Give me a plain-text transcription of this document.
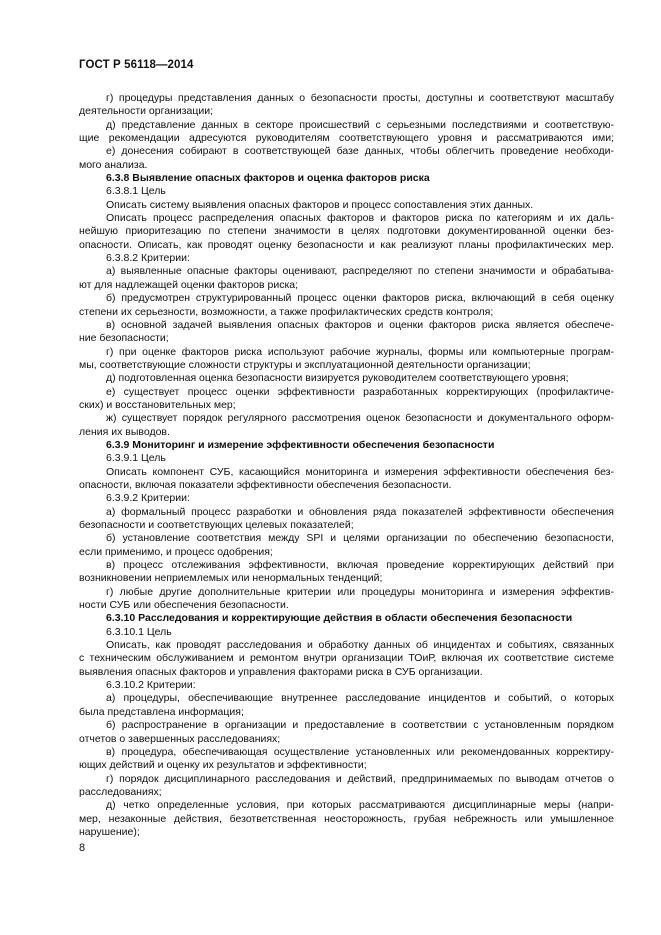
ГОСТ Р 56118—2014
г) процедуры представления данных о безопасности просты, доступны и соответствуют масштабу
деятельности организации;
д) представление данных в секторе происшествий с серьезными последствиями и соответствую-
щие рекомендации адресуются руководителям соответствующего уровня и рассматриваются ими;
е) донесения собирают в соответствующей базе данных, чтобы облегчить проведение необходи-
мого анализа.
6.3.8 Выявление опасных факторов и оценка факторов риска
6.3.8.1 Цель
Описать систему выявления опасных факторов и процесс сопоставления этих данных.
Описать процесс распределения опасных факторов и факторов риска по категориям и их даль-
нейшую приоритезацию по степени значимости в целях подготовки документированной оценки без-
опасности. Описать, как проводят оценку безопасности и как реализуют планы профилактических мер.
6.3.8.2 Критерии:
а) выявленные опасные факторы оценивают, распределяют по степени значимости и обрабатыва-
ют для надлежащей оценки факторов риска;
б) предусмотрен структурированный процесс оценки факторов риска, включающий в себя оценку
степени их серьезности, возможности, а также профилактических средств контроля;
в) основной задачей выявления опасных факторов и оценки факторов риска является обеспече-
ние безопасности;
г) при оценке факторов риска используют рабочие журналы, формы или компьютерные програм-
мы, соответствующие сложности структуры и эксплуатационной деятельности организации;
д) подготовленная оценка безопасности визируется руководителем соответствующего уровня;
е) существует процесс оценки эффективности разработанных корректирующих (профилактиче-
ских) и восстановительных мер;
ж) существует порядок регулярного рассмотрения оценок безопасности и документального оформ-
ления их выводов.
6.3.9 Мониторинг и измерение эффективности обеспечения безопасности
6.3.9.1 Цель
Описать компонент СУБ, касающийся мониторинга и измерения эффективности обеспечения без-
опасности, включая показатели эффективности обеспечения безопасности.
6.3.9.2 Критерии:
а) формальный процесс разработки и обновления ряда показателей эффективности обеспечения
безопасности и соответствующих целевых показателей;
б) установление соответствия между SPI и целями организации по обеспечению безопасности,
если применимо, и процесс одобрения;
в) процесс отслеживания эффективности, включая проведение корректирующих действий при
возникновении неприемлемых или ненормальных тенденций;
г) любые другие дополнительные критерии или процедуры мониторинга и измерения эффектив-
ности СУБ или обеспечения безопасности.
6.3.10 Расследования и корректирующие действия в области обеспечения безопасности
6.3.10.1 Цель
Описать, как проводят расследования и обработку данных об инцидентах и событиях, связанных
с техническим обслуживанием и ремонтом внутри организации ТОиР, включая их соответствие системе
выявления опасных факторов и управления факторами риска в СУБ организации.
6.3.10.2 Критерии:
а) процедуры, обеспечивающие внутреннее расследование инцидентов и событий, о которых
была представлена информация;
б) распространение в организации и предоставление в соответствии с установленным порядком
отчетов о завершенных расследованиях;
в) процедура, обеспечивающая осуществление установленных или рекомендованных корректиру-
ющих действий и оценку их результатов и эффективности;
г) порядок дисциплинарного расследования и действий, предпринимаемых по выводам отчетов о
расследованиях;
д) четко определенные условия, при которых рассматриваются дисциплинарные меры (напри-
мер, незаконные действия, безответственная неосторожность, грубая небрежность или умышленное
нарушение);
8
